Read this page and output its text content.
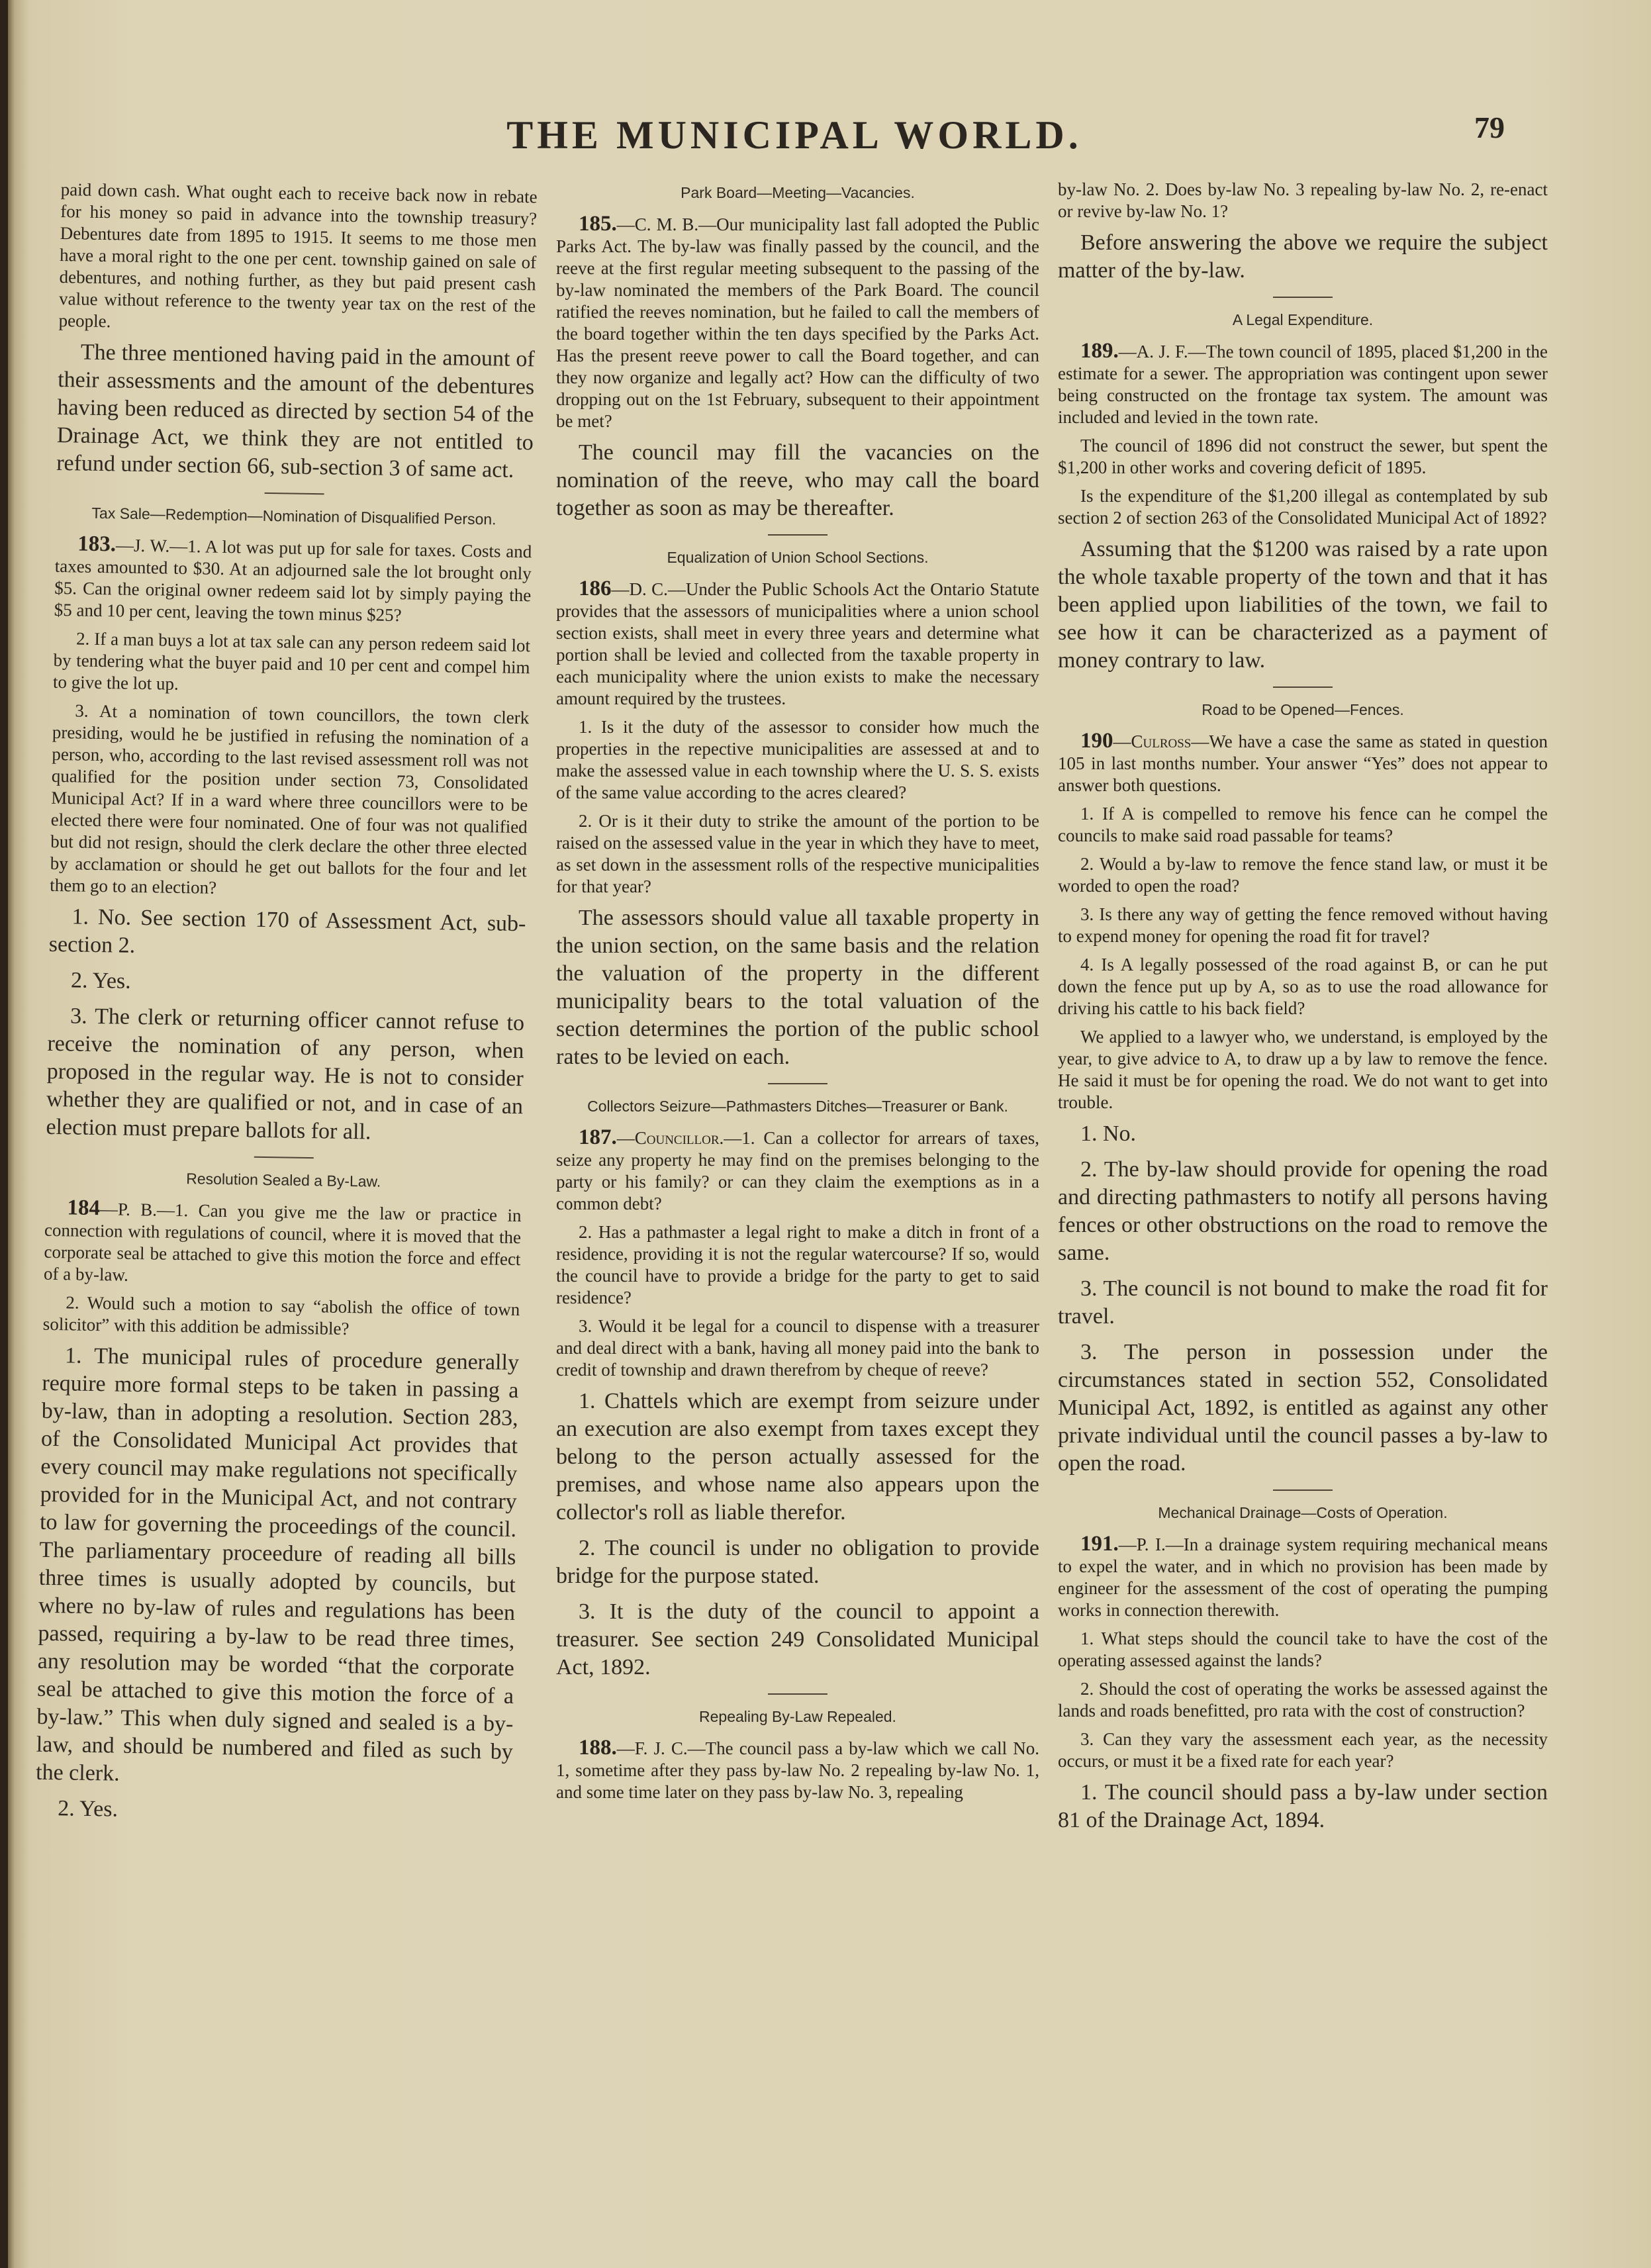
THE MUNICIPAL WORLD.	79

paid down cash. What ought each to receive back now in rebate for his money so paid in advance into the township treasury? Debentures date from 1895 to 1915. It seems to me those men have a moral right to the one per cent. township gained on sale of debentures, and nothing further, as they but paid present cash value without reference to the twenty year tax on the rest of the people.

The three mentioned having paid in the amount of their assessments and the amount of the debentures having been reduced as directed by section 54 of the Drainage Act, we think they are not entitled to refund under section 66, sub-section 3 of same act.

Tax Sale—Redemption—Nomination of Disqualified Person.

183.—J. W.—1. A lot was put up for sale for taxes. Costs and taxes amounted to $30. At an adjourned sale the lot brought only $5. Can the original owner redeem said lot by simply paying the $5 and 10 per cent, leaving the town minus $25?

2. If a man buys a lot at tax sale can any person redeem said lot by tendering what the buyer paid and 10 per cent and compel him to give the lot up.

3. At a nomination of town councillors, the town clerk presiding, would he be justified in refusing the nomination of a person, who, according to the last revised assessment roll was not qualified for the position under section 73, Consolidated Municipal Act? If in a ward where three councillors were to be elected there were four nominated. One of four was not qualified but did not resign, should the clerk declare the other three elected by acclamation or should he get out ballots for the four and let them go to an election?

1. No. See section 170 of Assessment Act, sub-section 2.

2. Yes.

3. The clerk or returning officer cannot refuse to receive the nomination of any person, when proposed in the regular way. He is not to consider whether they are qualified or not, and in case of an election must prepare ballots for all.

Resolution Sealed a By-Law.

184—P. B.—1. Can you give me the law or practice in connection with regulations of council, where it is moved that the corporate seal be attached to give this motion the force and effect of a by-law.

2. Would such a motion to say “abolish the office of town solicitor” with this addition be admissible?

1. The municipal rules of procedure generally require more formal steps to be taken in passing a by-law, than in adopting a resolution. Section 283, of the Consolidated Municipal Act provides that every council may make regulations not specifically provided for in the Municipal Act, and not contrary to law for governing the proceedings of the council. The parliamentary proceedure of reading all bills three times is usually adopted by councils, but where no by-law of rules and regulations has been passed, requiring a by-law to be read three times, any resolution may be worded “that the corporate seal be attached to give this motion the force of a by-law.” This when duly signed and sealed is a by-law, and should be numbered and filed as such by the clerk.

2. Yes.

Park Board—Meeting—Vacancies.

185.—C. M. B.—Our municipality last fall adopted the Public Parks Act. The by-law was finally passed by the council, and the reeve at the first regular meeting subsequent to the passing of the by-law nominated the members of the Park Board. The council ratified the reeves nomination, but he failed to call the members of the board together within the ten days specified by the Parks Act. Has the present reeve power to call the Board together, and can they now organize and legally act? How can the difficulty of two dropping out on the 1st February, subsequent to their appointment be met?

The council may fill the vacancies on the nomination of the reeve, who may call the board together as soon as may be thereafter.

Equalization of Union School Sections.

186—D. C.—Under the Public Schools Act the Ontario Statute provides that the assessors of municipalities where a union school section exists, shall meet in every three years and determine what portion shall be levied and collected from the taxable property in each municipality where the union exists to make the necessary amount required by the trustees.

1. Is it the duty of the assessor to consider how much the properties in the repective municipalities are assessed at and to make the assessed value in each township where the U. S. S. exists of the same value according to the acres cleared?

2. Or is it their duty to strike the amount of the portion to be raised on the assessed value in the year in which they have to meet, as set down in the assessment rolls of the respective municipalities for that year?

The assessors should value all taxable property in the union section, on the same basis and the relation the valuation of the property in the different municipality bears to the total valuation of the section determines the portion of the public school rates to be levied on each.

Collectors Seizure—Pathmasters Ditches—Treasurer or Bank.

187.—Councillor.—1. Can a collector for arrears of taxes, seize any property he may find on the premises belonging to the party or his family? or can they claim the exemptions as in a common debt?

2. Has a pathmaster a legal right to make a ditch in front of a residence, providing it is not the regular watercourse? If so, would the council have to provide a bridge for the party to get to said residence?

3. Would it be legal for a council to dispense with a treasurer and deal direct with a bank, having all money paid into the bank to credit of township and drawn therefrom by cheque of reeve?

1. Chattels which are exempt from seizure under an execution are also exempt from taxes except they belong to the person actually assessed for the premises, and whose name also appears upon the collector's roll as liable therefor.

2. The council is under no obligation to provide bridge for the purpose stated.

3. It is the duty of the council to appoint a treasurer. See section 249 Consolidated Municipal Act, 1892.

Repealing By-Law Repealed.

188.—F. J. C.—The council pass a by-law which we call No. 1, sometime after they pass by-law No. 2 repealing by-law No. 1, and some time later on they pass by-law No. 3, repealing

by-law No. 2. Does by-law No. 3 repealing by-law No. 2, re-enact or revive by-law No. 1?

Before answering the above we require the subject matter of the by-law.

A Legal Expenditure.

189.—A. J. F.—The town council of 1895, placed $1,200 in the estimate for a sewer. The appropriation was contingent upon sewer being constructed on the frontage tax system. The amount was included and levied in the town rate.

The council of 1896 did not construct the sewer, but spent the $1,200 in other works and covering deficit of 1895.

Is the expenditure of the $1,200 illegal as contemplated by sub section 2 of section 263 of the Consolidated Municipal Act of 1892?

Assuming that the $1200 was raised by a rate upon the whole taxable property of the town and that it has been applied upon liabilities of the town, we fail to see how it can be characterized as a payment of money contrary to law.

Road to be Opened—Fences.

190—Culross—We have a case the same as stated in question 105 in last months number. Your answer “Yes” does not appear to answer both questions.

1. If A is compelled to remove his fence can he compel the councils to make said road passable for teams?

2. Would a by-law to remove the fence stand law, or must it be worded to open the road?

3. Is there any way of getting the fence removed without having to expend money for opening the road fit for travel?

4. Is A legally possessed of the road against B, or can he put down the fence put up by A, so as to use the road allowance for driving his cattle to his back field?

We applied to a lawyer who, we understand, is employed by the year, to give advice to A, to draw up a by law to remove the fence. He said it must be for opening the road. We do not want to get into trouble.

1. No.

2. The by-law should provide for opening the road and directing pathmasters to notify all persons having fences or other obstructions on the road to remove the same.

3. The council is not bound to make the road fit for travel.

3. The person in possession under the circumstances stated in section 552, Consolidated Municipal Act, 1892, is entitled as against any other private individual until the council passes a by-law to open the road.

Mechanical Drainage—Costs of Operation.

191.—P. I.—In a drainage system requiring mechanical means to expel the water, and in which no provision has been made by engineer for the assessment of the cost of operating the pumping works in connection therewith.

1. What steps should the council take to have the cost of the operating assessed against the lands?

2. Should the cost of operating the works be assessed against the lands and roads benefitted, pro rata with the cost of construction?

3. Can they vary the assessment each year, as the necessity occurs, or must it be a fixed rate for each year?

1. The council should pass a by-law under section 81 of the Drainage Act, 1894.
